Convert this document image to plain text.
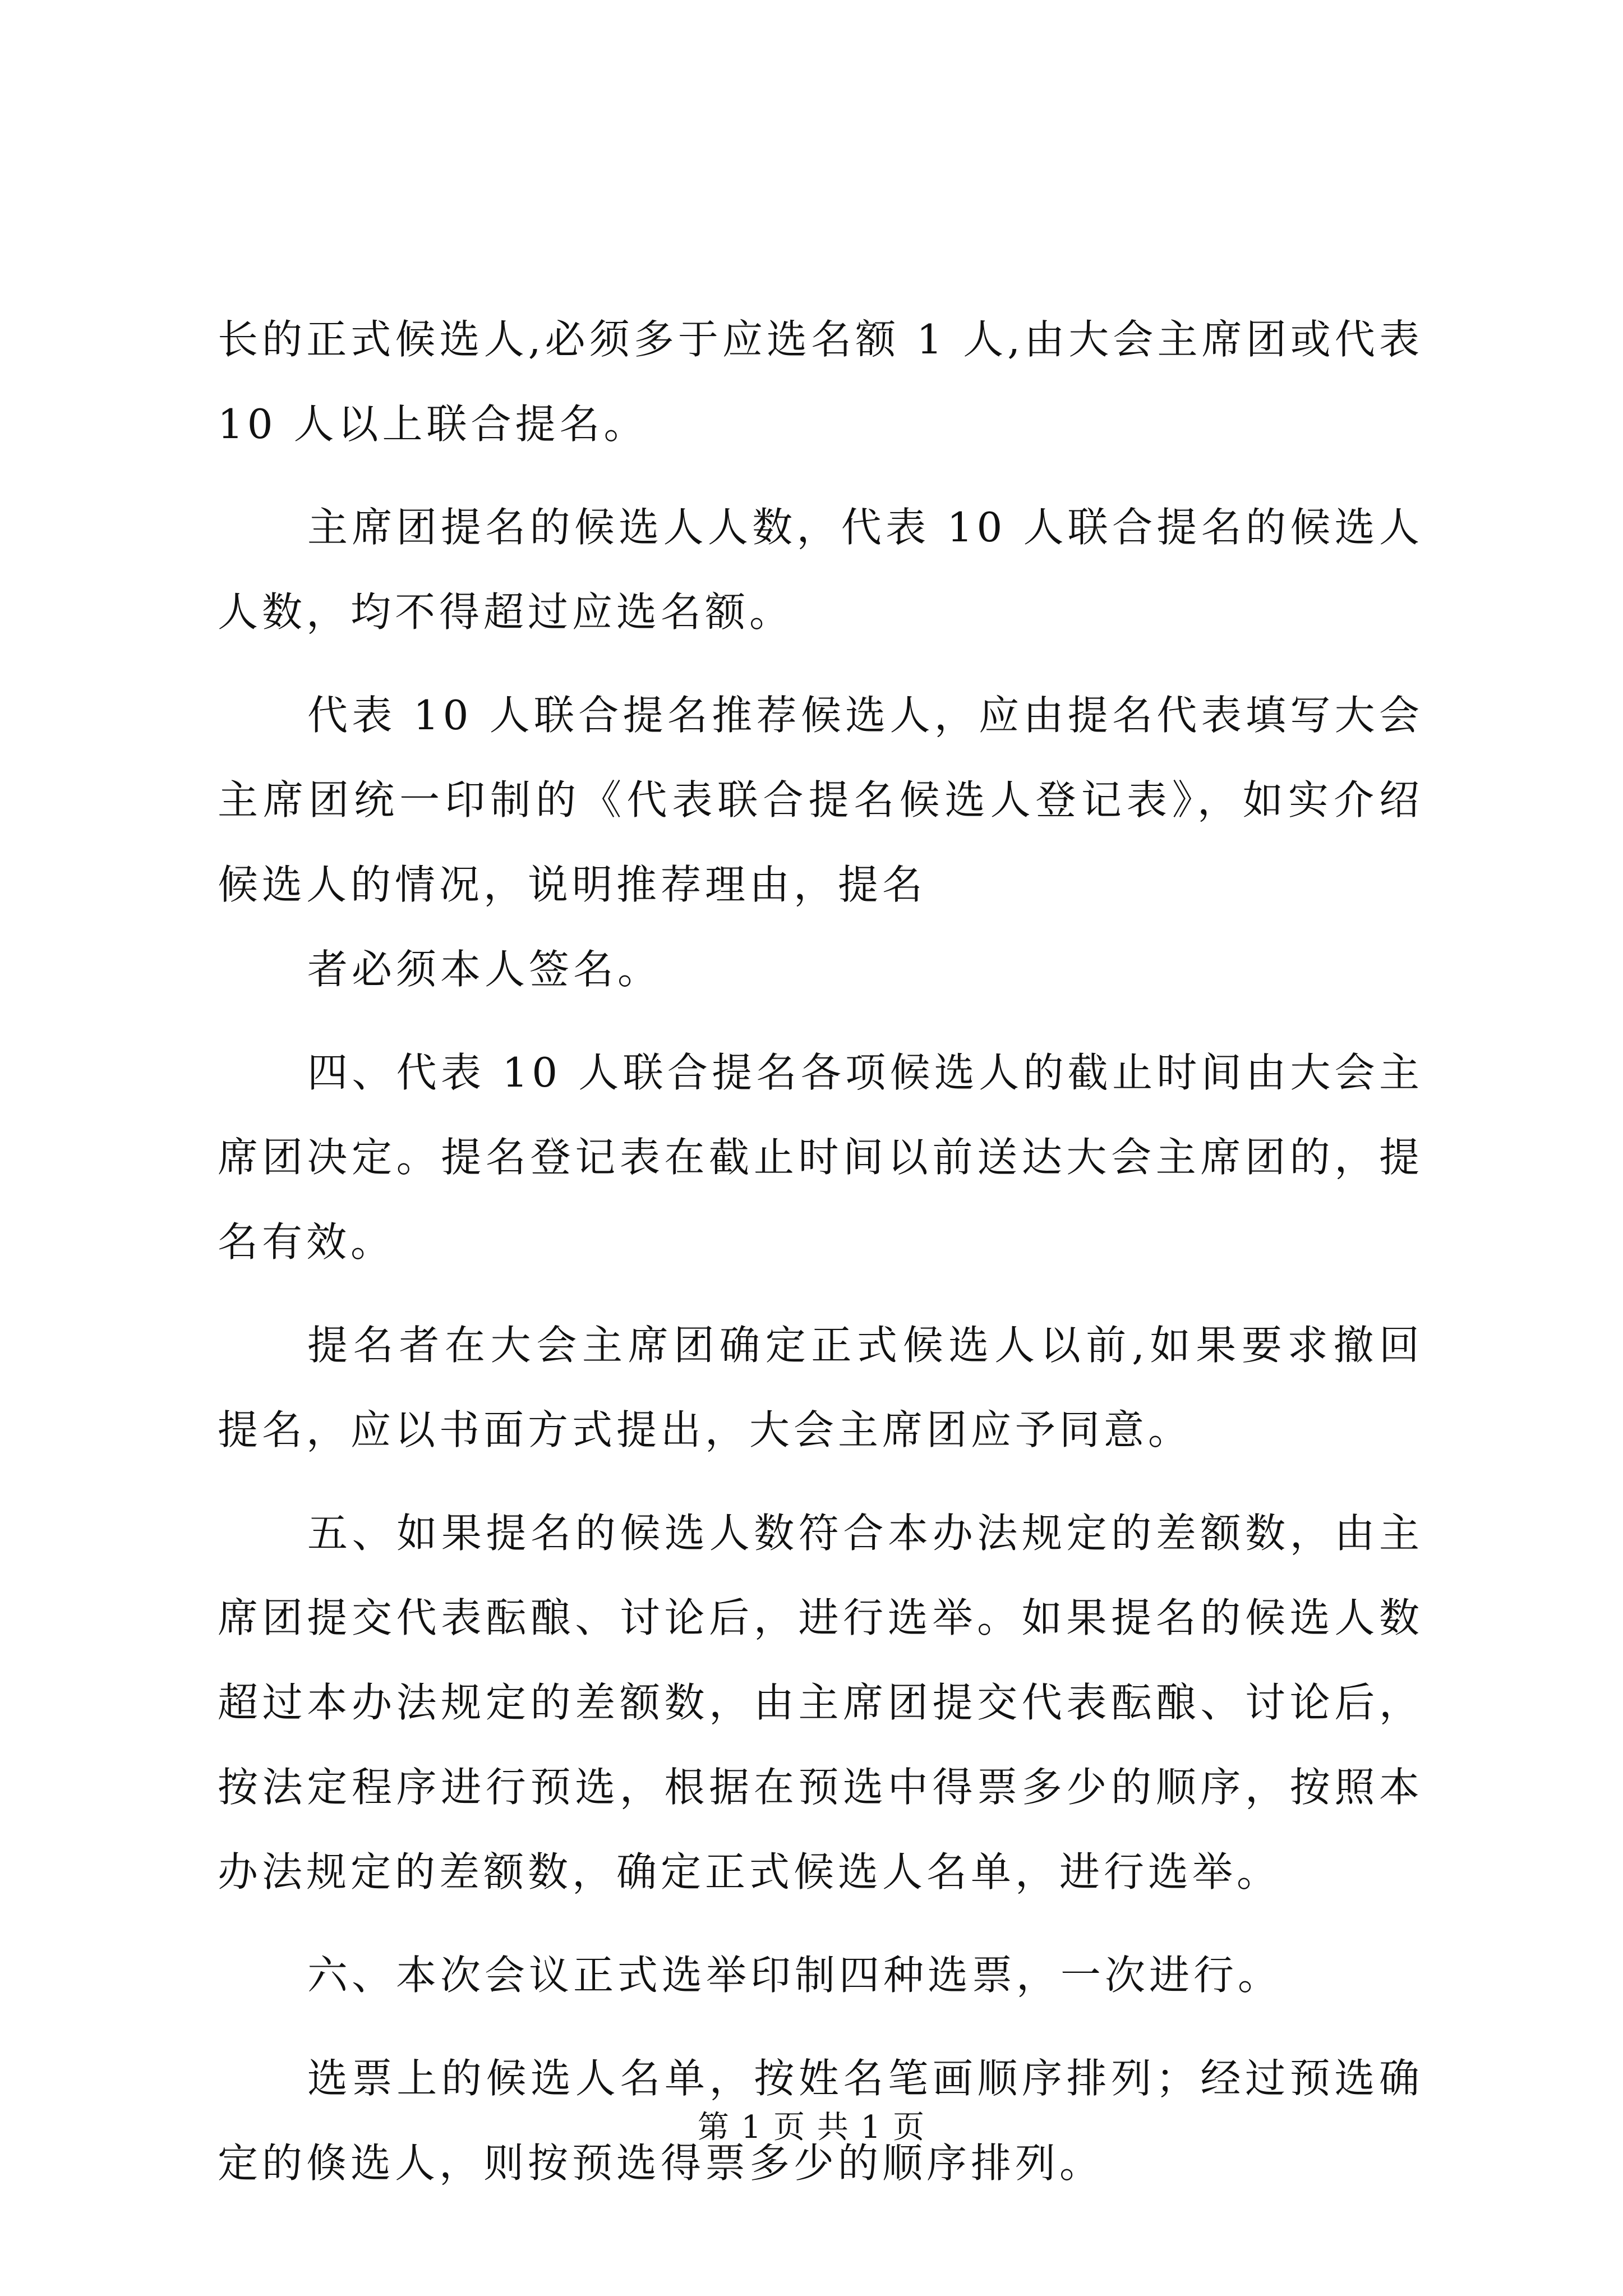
长的正式候选人,必须多于应选名额 1 人,由大会主席团或代表 10 人以上联合提名。

主席团提名的候选人人数，代表 10 人联合提名的候选人人数，均不得超过应选名额。

代表 10 人联合提名推荐候选人，应由提名代表填写大会主席团统一印制的《代表联合提名候选人登记表》，如实介绍候选人的情况，说明推荐理由，提名

者必须本人签名。

四、代表 10 人联合提名各项候选人的截止时间由大会主席团决定。提名登记表在截止时间以前送达大会主席团的，提名有效。

提名者在大会主席团确定正式候选人以前,如果要求撤回提名，应以书面方式提出，大会主席团应予同意。

五、如果提名的候选人数符合本办法规定的差额数，由主席团提交代表酝酿、讨论后，进行选举。如果提名的候选人数超过本办法规定的差额数，由主席团提交代表酝酿、讨论后，按法定程序进行预选，根据在预选中得票多少的顺序，按照本办法规定的差额数，确定正式候选人名单，进行选举。

六、本次会议正式选举印制四种选票，一次进行。

选票上的候选人名单，按姓名笔画顺序排列；经过预选确定的倏选人，则按预选得票多少的顺序排列。

第 1 页 共 1 页
